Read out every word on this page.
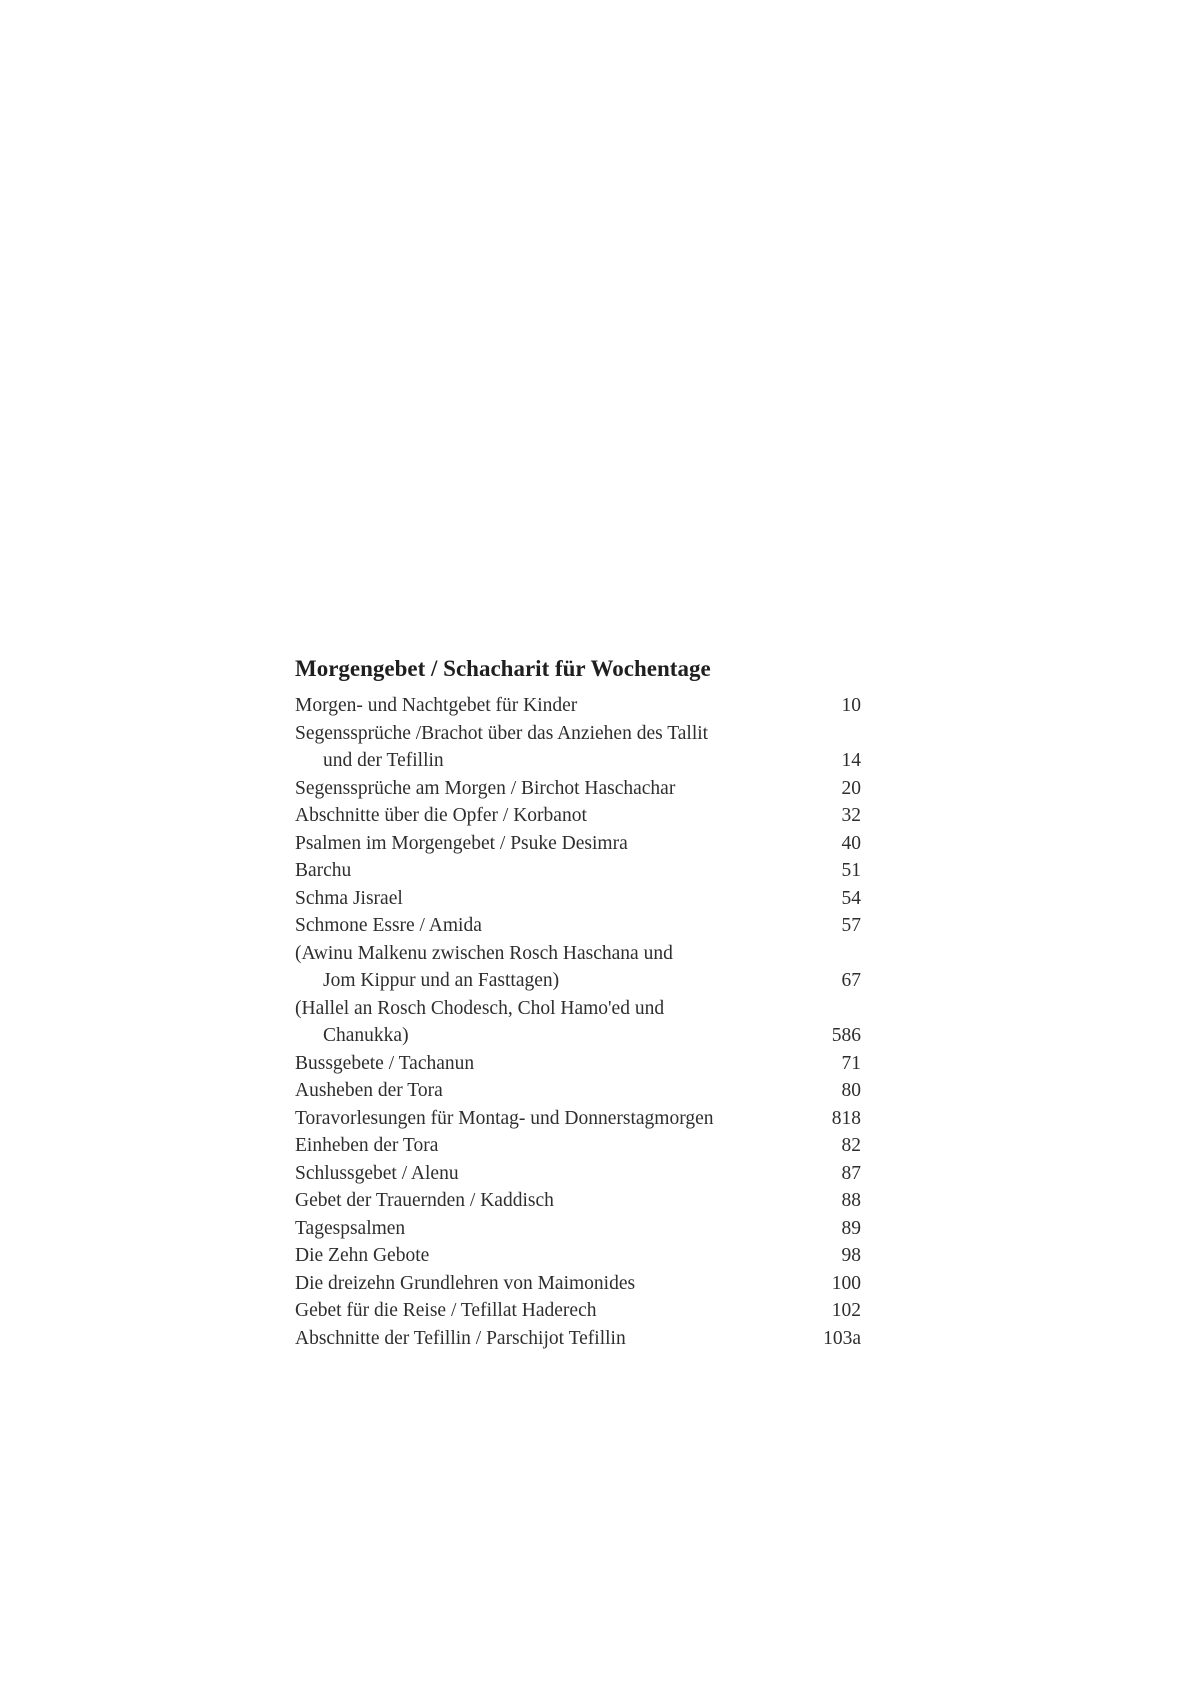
Morgengebet / Schacharit für Wochentage
Morgen- und Nachtgebet für Kinder	10
Segenssprüche /Brachot über das Anziehen des Tallit
und der Tefillin	14
Segenssprüche am Morgen / Birchot Haschachar	20
Abschnitte über die Opfer / Korbanot	32
Psalmen im Morgengebet / Psuke Desimra	40
Barchu	51
Schma Jisrael	54
Schmone Essre / Amida	57
(Awinu Malkenu zwischen Rosch Haschana und
Jom Kippur und an Fasttagen)	67
(Hallel an Rosch Chodesch, Chol Hamo'ed und
Chanukka)	586
Bussgebete / Tachanun	71
Ausheben der Tora	80
Toravorlesungen für Montag- und Donnerstagmorgen	818
Einheben der Tora	82
Schlussgebet / Alenu	87
Gebet der Trauernden / Kaddisch	88
Tagespsalmen	89
Die Zehn Gebote	98
Die dreizehn Grundlehren von Maimonides	100
Gebet für die Reise / Tefillat Haderech	102
Abschnitte der Tefillin / Parschijot Tefillin	103a
